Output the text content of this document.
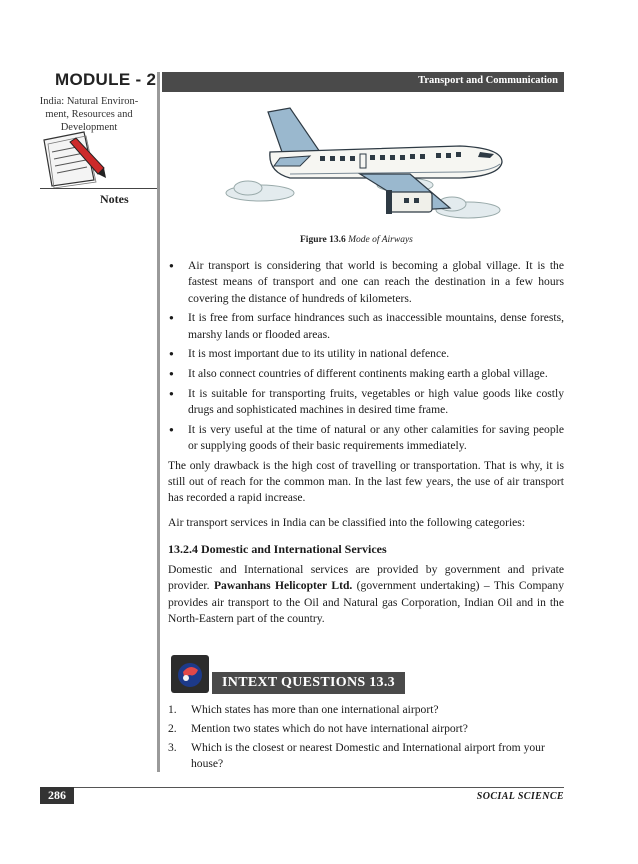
MODULE - 2
India: Natural Environ- ment, Resources and Development
Notes
Transport and Communication
Figure 13.6 Mode of Airways
● Air transport is considering that world is becoming a global village. It is the fastest means of transport and one can reach the destination in a few hours covering the distance of hundreds of kilometers.
● It is free from surface hindrances such as inaccessible mountains, dense forests, marshy lands or flooded areas.
● It is most important due to its utility in national defence.
● It also connect countries of different continents making earth a global village.
● It is suitable for transporting fruits, vegetables or high value goods like costly drugs and sophisticated machines in desired time frame.
● It is very useful at the time of natural or any other calamities for saving people or supplying goods of their basic requirements immediately.

The only drawback is the high cost of travelling or transportation. That is why, it is still out of reach for the common man. In the last few years, the use of air transport has recorded a rapid increase.

Air transport services in India can be classified into the following categories:

13.2.4 Domestic and International Services

Domestic and International services are provided by government and private provider. Pawanhans Helicopter Ltd. (government undertaking) – This Company provides air transport to the Oil and Natural gas Corporation, Indian Oil and in the North-Eastern part of the country.

INTEXT QUESTIONS 13.3
1. Which states has more than one international airport?
2. Mention two states which do not have international airport?
3. Which is the closest or nearest Domestic and International airport from your house?
286	SOCIAL SCIENCE
